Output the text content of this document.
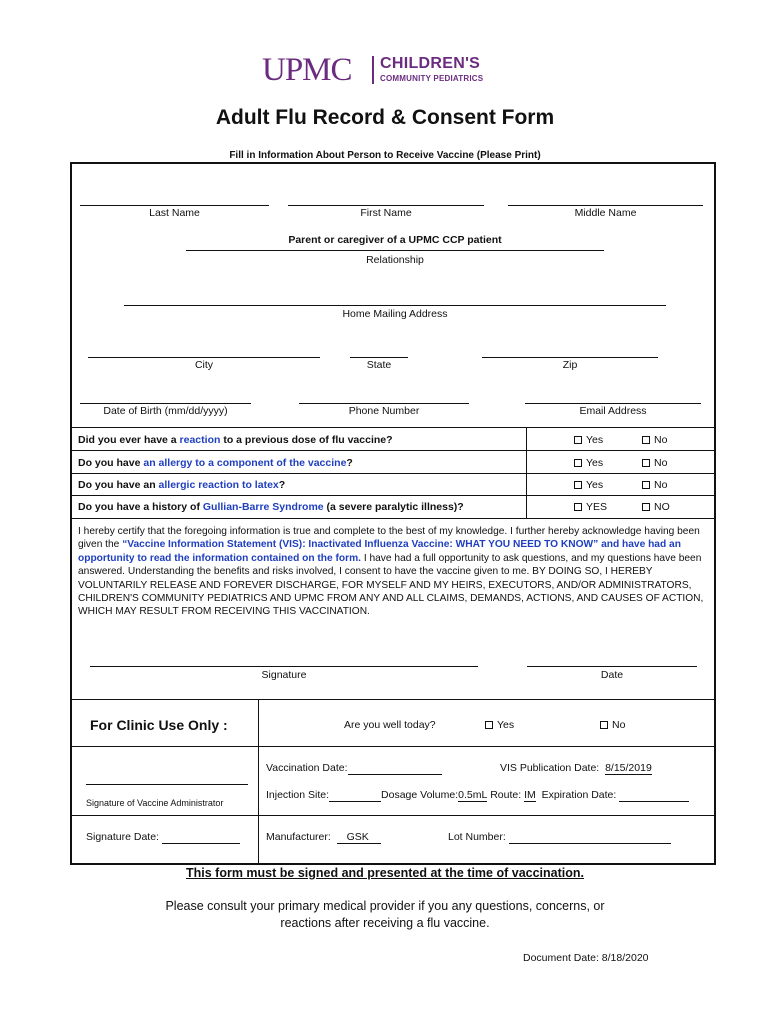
UPMC CHILDREN'S
COMMUNITY PEDIATRICS
Adult Flu Record & Consent Form
Fill in Information About Person to Receive Vaccine (Please Print)
Last Name	First Name	Middle Name
Parent or caregiver of a UPMC CCP patient
Relationship
Home Mailing Address
City	State	Zip
Date of Birth (mm/dd/yyyy)	Phone Number	Email Address
Did you ever have a reaction to a previous dose of flu vaccine?	Yes	No
Do you have an allergy to a component of the vaccine?	Yes	No
Do you have an allergic reaction to latex?	Yes	No
Do you have a history of Gullian-Barre Syndrome (a severe paralytic illness)?	YES	NO
I hereby certify that the foregoing information is true and complete to the best of my knowledge. I further hereby acknowledge having been given the “Vaccine Information Statement (VIS): Inactivated Influenza Vaccine: WHAT YOU NEED TO KNOW” and have had an opportunity to read the information contained on the form. I have had a full opportunity to ask questions, and my questions have been answered. Understanding the benefits and risks involved, I consent to have the vaccine given to me. BY DOING SO, I HEREBY VOLUNTARILY RELEASE AND FOREVER DISCHARGE, FOR MYSELF AND MY HEIRS, EXECUTORS, AND/OR ADMINISTRATORS, CHILDREN'S COMMUNITY PEDIATRICS AND UPMC FROM ANY AND ALL CLAIMS, DEMANDS, ACTIONS, AND CAUSES OF ACTION, WHICH MAY RESULT FROM RECEIVING THIS VACCINATION.
Signature	Date
For Clinic Use Only :	Are you well today?	Yes	No
Vaccination Date:	VIS Publication Date: 8/15/2019
Signature of Vaccine Administrator
Injection Site:	Dosage Volume:0.5mL Route: IM Expiration Date:
Signature Date:	Manufacturer: GSK	Lot Number:
This form must be signed and presented at the time of vaccination.
Please consult your primary medical provider if you any questions, concerns, or
reactions after receiving a flu vaccine.
Document Date: 8/18/2020
